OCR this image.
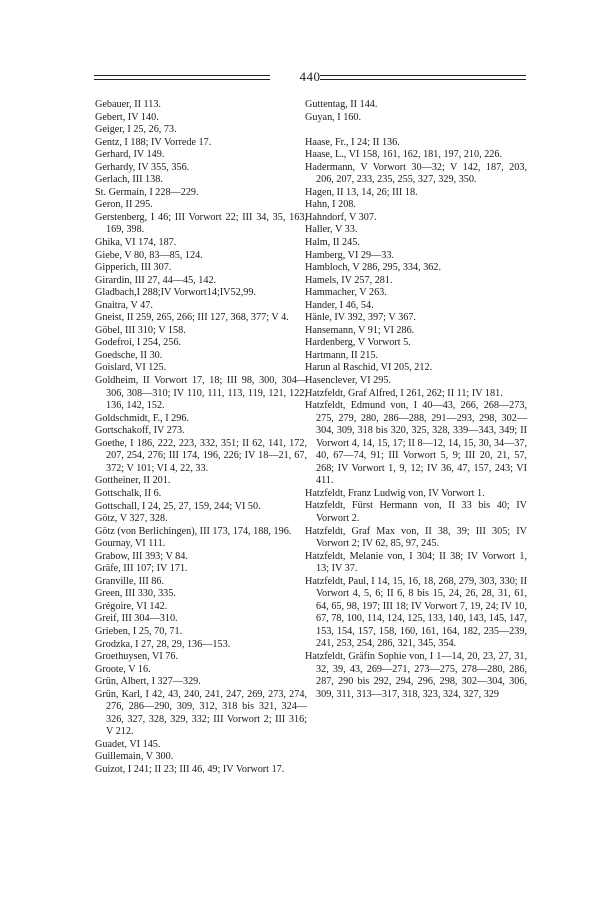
440
Gebauer, II 113.
Gebert, IV 140.
Geiger, I 25, 26, 73.
Gentz, I 188; IV Vorrede 17.
Gerhard, IV 149.
Gerhardy, IV 355, 356.
Gerlach, III 138.
St. Germain, I 228—229.
Geron, II 295.
Gerstenberg, I 46; III Vorwort 22; III 34, 35, 163, 169, 398.
Ghika, VI 174, 187.
Giebe, V 80, 83—85, 124.
Gipperich, III 307.
Girardin, III 27, 44—45, 142.
Gladbach,I 288;IV Vorwort14;IV52,99.
Gnaitra, V 47.
Gneist, II 259, 265, 266; III 127, 368, 377; V 4.
Göbel, III 310; V 158.
Godefroi, I 254, 256.
Goedsche, II 30.
Goislard, VI 125.
Goldheim, II Vorwort 17, 18; III 98, 300, 304—306, 308—310; IV 110, 111, 113, 119, 121, 122, 136, 142, 152.
Goldschmidt, F., I 296.
Gortschakoff, IV 273.
Goethe, I 186, 222, 223, 332, 351; II 62, 141, 172, 207, 254, 276; III 174, 196, 226; IV 18—21, 67, 372; V 101; VI 4, 22, 33.
Gottheiner, II 201.
Gottschalk, II 6.
Gottschall, I 24, 25, 27, 159, 244; VI 50.
Götz, V 327, 328.
Götz (von Berlichingen), III 173, 174, 188, 196.
Gournay, VI 111.
Grabow, III 393; V 84.
Gräfe, III 107; IV 171.
Granville, III 86.
Green, III 330, 335.
Grégoire, VI 142.
Greif, III 304—310.
Grieben, I 25, 70, 71.
Grodzka, I 27, 28, 29, 136—153.
Groethuysen, VI 76.
Groote, V 16.
Grün, Albert, I 327—329.
Grün, Karl, I 42, 43, 240, 241, 247, 269, 273, 274, 276, 286—290, 309, 312, 318 bis 321, 324—326, 327, 328, 329, 332; III Vorwort 2; III 316; V 212.
Guadet, VI 145.
Guillemain, V 300.
Guizot, I 241; II 23; III 46, 49; IV Vorwort 17.
Guttentag, II 144.
Guyan, I 160.
Haase, Fr., I 24; II 136.
Haase, L., VI 158, 161, 162, 181, 197, 210, 226.
Hadermann, V Vorwort 30—32; V 142, 187, 203, 206, 207, 233, 235, 255, 327, 329, 350.
Hagen, II 13, 14, 26; III 18.
Hahn, I 208.
Hahndorf, V 307.
Haller, V 33.
Halm, II 245.
Hamberg, VI 29—33.
Hambloch, V 286, 295, 334, 362.
Hamels, IV 257, 281.
Hammacher, V 263.
Hander, I 46, 54.
Hänle, IV 392, 397; V 367.
Hansemann, V 91; VI 286.
Hardenberg, V Vorwort 5.
Hartmann, II 215.
Harun al Raschid, VI 205, 212.
Hasenclever, VI 295.
Hatzfeldt, Graf Alfred, I 261, 262; II 11; IV 181.
Hatzfeldt, Edmund von, I 40—43, 266, 268—273, 275, 279, 280, 286—288, 291—293, 298, 302—304, 309, 318 bis 320, 325, 328, 339—343, 349; II Vorwort 4, 14, 15, 17; II 8—12, 14, 15, 30, 34—37, 40, 67—74, 91; III Vorwort 5, 9; III 20, 21, 57, 268; IV Vorwort 1, 9, 12; IV 36, 47, 157, 243; VI 411.
Hatzfeldt, Franz Ludwig von, IV Vorwort 1.
Hatzfeldt, Fürst Hermann von, II 33 bis 40; IV Vorwort 2.
Hatzfeldt, Graf Max von, II 38, 39; III 305; IV Vorwort 2; IV 62, 85, 97, 245.
Hatzfeldt, Melanie von, I 304; II 38; IV Vorwort 1, 13; IV 37.
Hatzfeldt, Paul, I 14, 15, 16, 18, 268, 279, 303, 330; II Vorwort 4, 5, 6; II 6, 8 bis 15, 24, 26, 28, 31, 61, 64, 65, 98, 197; III 18; IV Vorwort 7, 19, 24; IV 10, 67, 78, 100, 114, 124, 125, 133, 140, 143, 145, 147, 153, 154, 157, 158, 160, 161, 164, 182, 235—239, 241, 253, 254, 286, 321, 345, 354.
Hatzfeldt, Gräfin Sophie von, I 1—14, 20, 23, 27, 31, 32, 39, 43, 269—271, 273—275, 278—280, 286, 287, 290 bis 292, 294, 296, 298, 302—304, 306, 309, 311, 313—317, 318, 323, 324, 327, 329
